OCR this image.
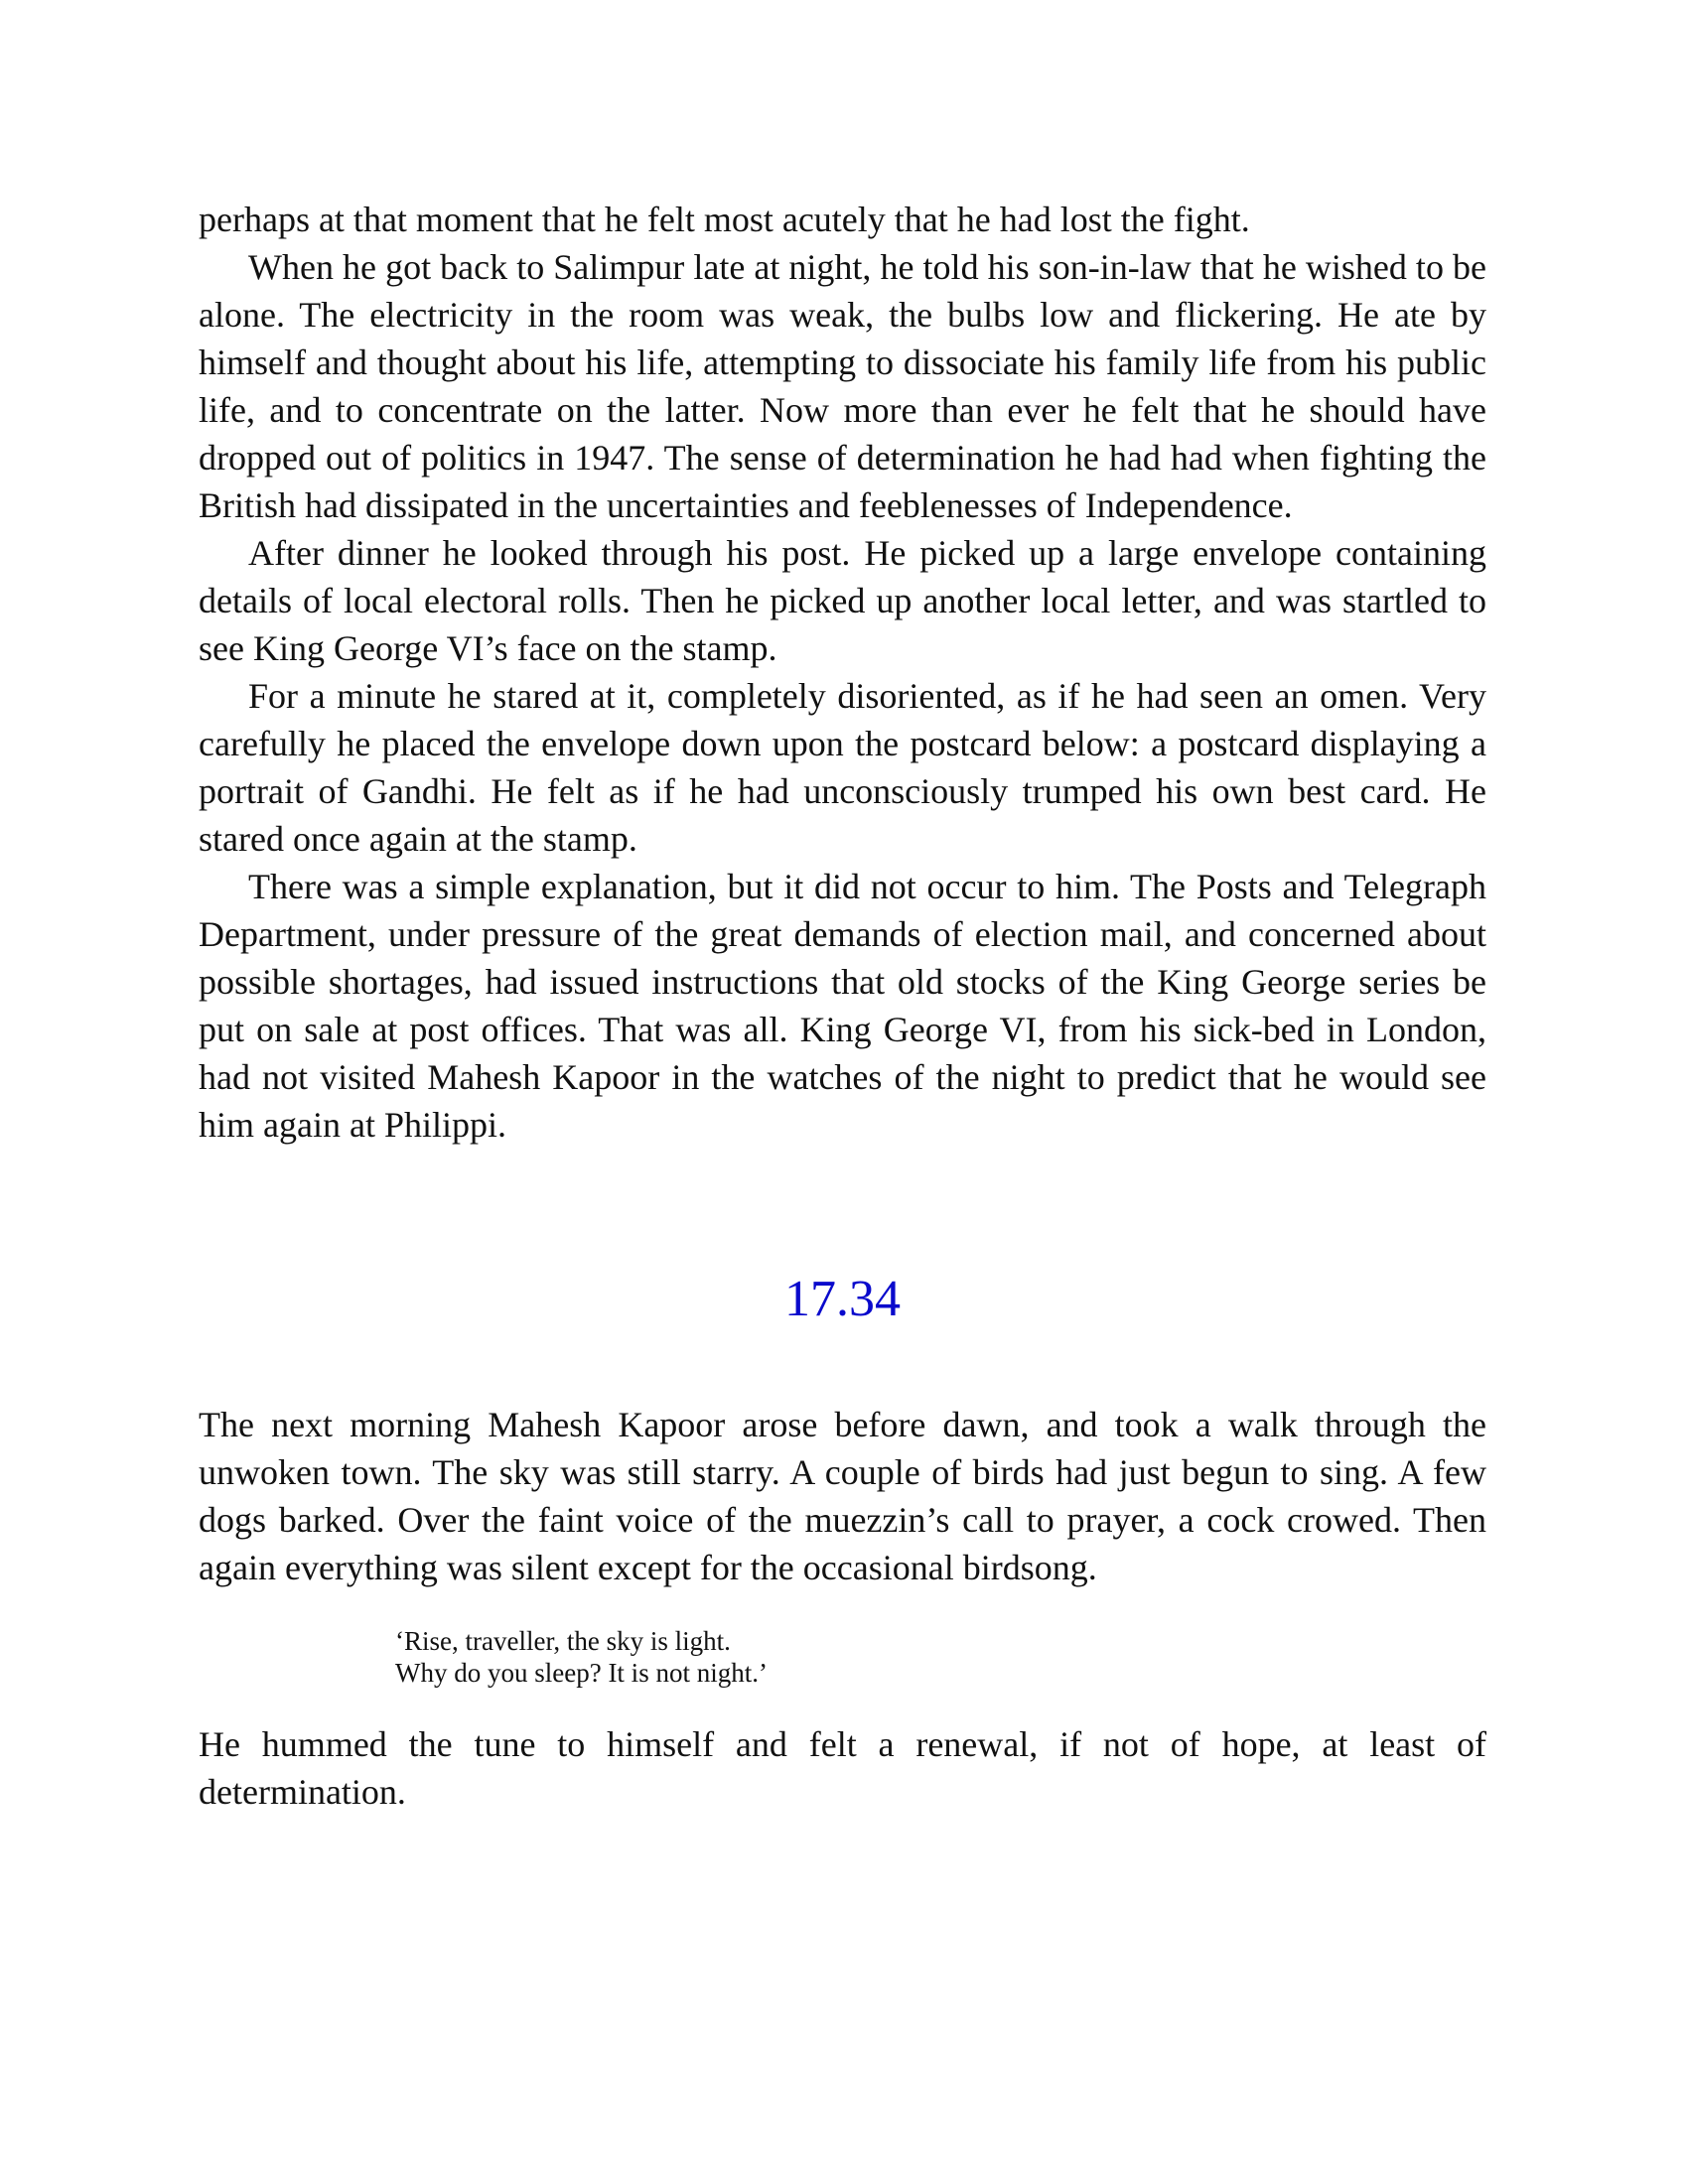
perhaps at that moment that he felt most acutely that he had lost the fight.

When he got back to Salimpur late at night, he told his son-in-law that he wished to be alone. The electricity in the room was weak, the bulbs low and flickering. He ate by himself and thought about his life, attempting to dissociate his family life from his public life, and to concentrate on the latter. Now more than ever he felt that he should have dropped out of politics in 1947. The sense of determination he had had when fighting the British had dissipated in the uncertainties and feeblenesses of Independence.

After dinner he looked through his post. He picked up a large envelope containing details of local electoral rolls. Then he picked up another local letter, and was startled to see King George VI’s face on the stamp.

For a minute he stared at it, completely disoriented, as if he had seen an omen. Very carefully he placed the envelope down upon the postcard below: a postcard displaying a portrait of Gandhi. He felt as if he had unconsciously trumped his own best card. He stared once again at the stamp.

There was a simple explanation, but it did not occur to him. The Posts and Telegraph Department, under pressure of the great demands of election mail, and concerned about possible shortages, had issued instructions that old stocks of the King George series be put on sale at post offices. That was all. King George VI, from his sick-bed in London, had not visited Mahesh Kapoor in the watches of the night to predict that he would see him again at Philippi.

17.34

The next morning Mahesh Kapoor arose before dawn, and took a walk through the unwoken town. The sky was still starry. A couple of birds had just begun to sing. A few dogs barked. Over the faint voice of the muezzin’s call to prayer, a cock crowed. Then again everything was silent except for the occasional birdsong.

‘Rise, traveller, the sky is light.
Why do you sleep? It is not night.’

He hummed the tune to himself and felt a renewal, if not of hope, at least of determination.
